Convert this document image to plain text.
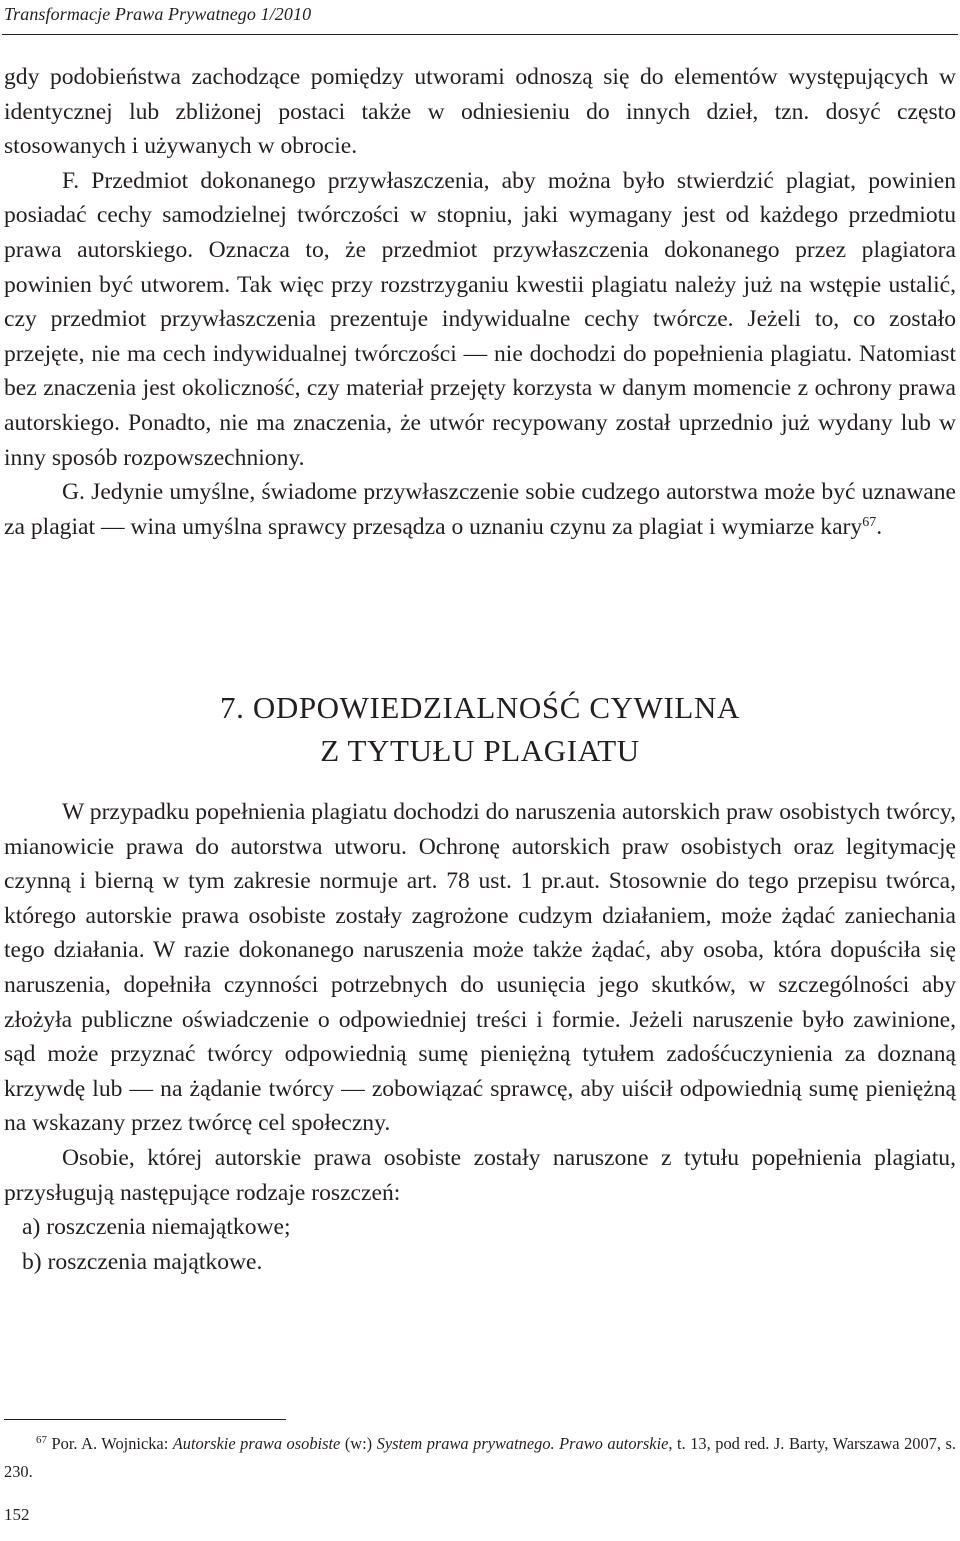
Transformacje Prawa Prywatnego 1/2010

gdy podobieństwa zachodzące pomiędzy utworami odnoszą się do elementów występujących w identycznej lub zbliżonej postaci także w odniesieniu do innych dzieł, tzn. dosyć często stosowanych i używanych w obrocie.

F. Przedmiot dokonanego przywłaszczenia, aby można było stwierdzić plagiat, powinien posiadać cechy samodzielnej twórczości w stopniu, jaki wymagany jest od każdego przedmiotu prawa autorskiego. Oznacza to, że przedmiot przywłaszczenia dokonanego przez plagiatora powinien być utworem. Tak więc przy rozstrzyganiu kwestii plagiatu należy już na wstępie ustalić, czy przedmiot przywłaszczenia prezentuje indywidualne cechy twórcze. Jeżeli to, co zostało przejęte, nie ma cech indywidualnej twórczości — nie dochodzi do popełnienia plagiatu. Natomiast bez znaczenia jest okoliczność, czy materiał przejęty korzysta w danym momencie z ochrony prawa autorskiego. Ponadto, nie ma znaczenia, że utwór recypowany został uprzednio już wydany lub w inny sposób rozpowszechniony.

G. Jedynie umyślne, świadome przywłaszczenie sobie cudzego autorstwa może być uznawane za plagiat — wina umyślna sprawcy przesądza o uznaniu czynu za plagiat i wymiarze kary$^{67}$.

7. ODPOWIEDZIALNOŚĆ CYWILNA
Z TYTUŁU PLAGIATU

W przypadku popełnienia plagiatu dochodzi do naruszenia autorskich praw osobistych twórcy, mianowicie prawa do autorstwa utworu. Ochronę autorskich praw osobistych oraz legitymację czynną i bierną w tym zakresie normuje art. 78 ust. 1 pr.aut. Stosownie do tego przepisu twórca, którego autorskie prawa osobiste zostały zagrożone cudzym działaniem, może żądać zaniechania tego działania. W razie dokonanego naruszenia może także żądać, aby osoba, która dopuściła się naruszenia, dopełniła czynności potrzebnych do usunięcia jego skutków, w szczególności aby złożyła publiczne oświadczenie o odpowiedniej treści i formie. Jeżeli naruszenie było zawinione, sąd może przyznać twórcy odpowiednią sumę pieniężną tytułem zadośćuczynienia za doznaną krzywdę lub — na żądanie twórcy — zobowiązać sprawcę, aby uiścił odpowiednią sumę pieniężną na wskazany przez twórcę cel społeczny.

Osobie, której autorskie prawa osobiste zostały naruszone z tytułu popełnienia plagiatu, przysługują następujące rodzaje roszczeń:

a) roszczenia niemajątkowe;

b) roszczenia majątkowe.

$^{67}$ Por. A. Wojnicka: Autorskie prawa osobiste (w:) System prawa prywatnego. Prawo autorskie, t. 13, pod red. J. Barty, Warszawa 2007, s. 230.
152
